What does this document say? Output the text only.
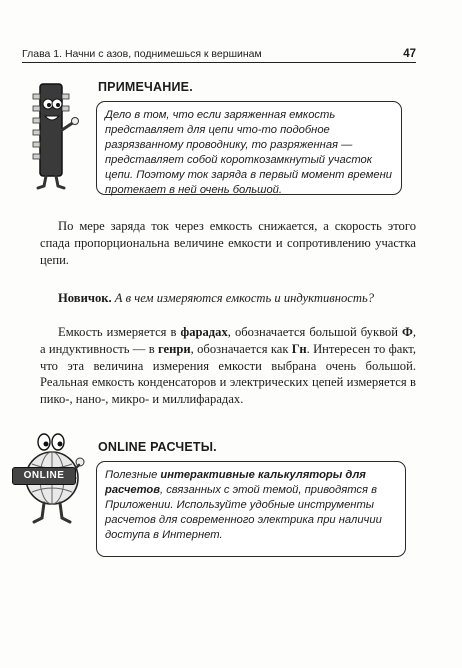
Глава 1. Начни с азов, поднимешься к вершинам	47
ПРИМЕЧАНИЕ.

Дело в том, что если заряженная емкость представляет для цепи что-то подобное разрязванному проводнику, то разряженная — представляет собой короткозамкнутый участок цепи. Поэтому ток заряда в первый момент времени протекает в ней очень большой.

По мере заряда ток через емкость снижается, а скорость этого спада пропорциональна величине емкости и сопротивлению участка цепи.

Новичок. А в чем измеряются емкость и индуктивность?

Емкость измеряется в фарадах, обозначается большой буквой Ф, а индуктивность — в генри, обозначается как Гн. Интересен то факт, что эта величина измерения емкости выбрана очень большой. Реальная емкость конденсаторов и электрических цепей измеряется в пико-, нано-, микро- и миллифарадах.

ONLINE
ONLINE РАСЧЕТЫ.

Полезные интерактивные калькуляторы для расчетов, связанных с этой темой, приводятся в Приложении. Используйте удобные инструменты расчетов для современного электрика при наличии доступа в Интернет.
